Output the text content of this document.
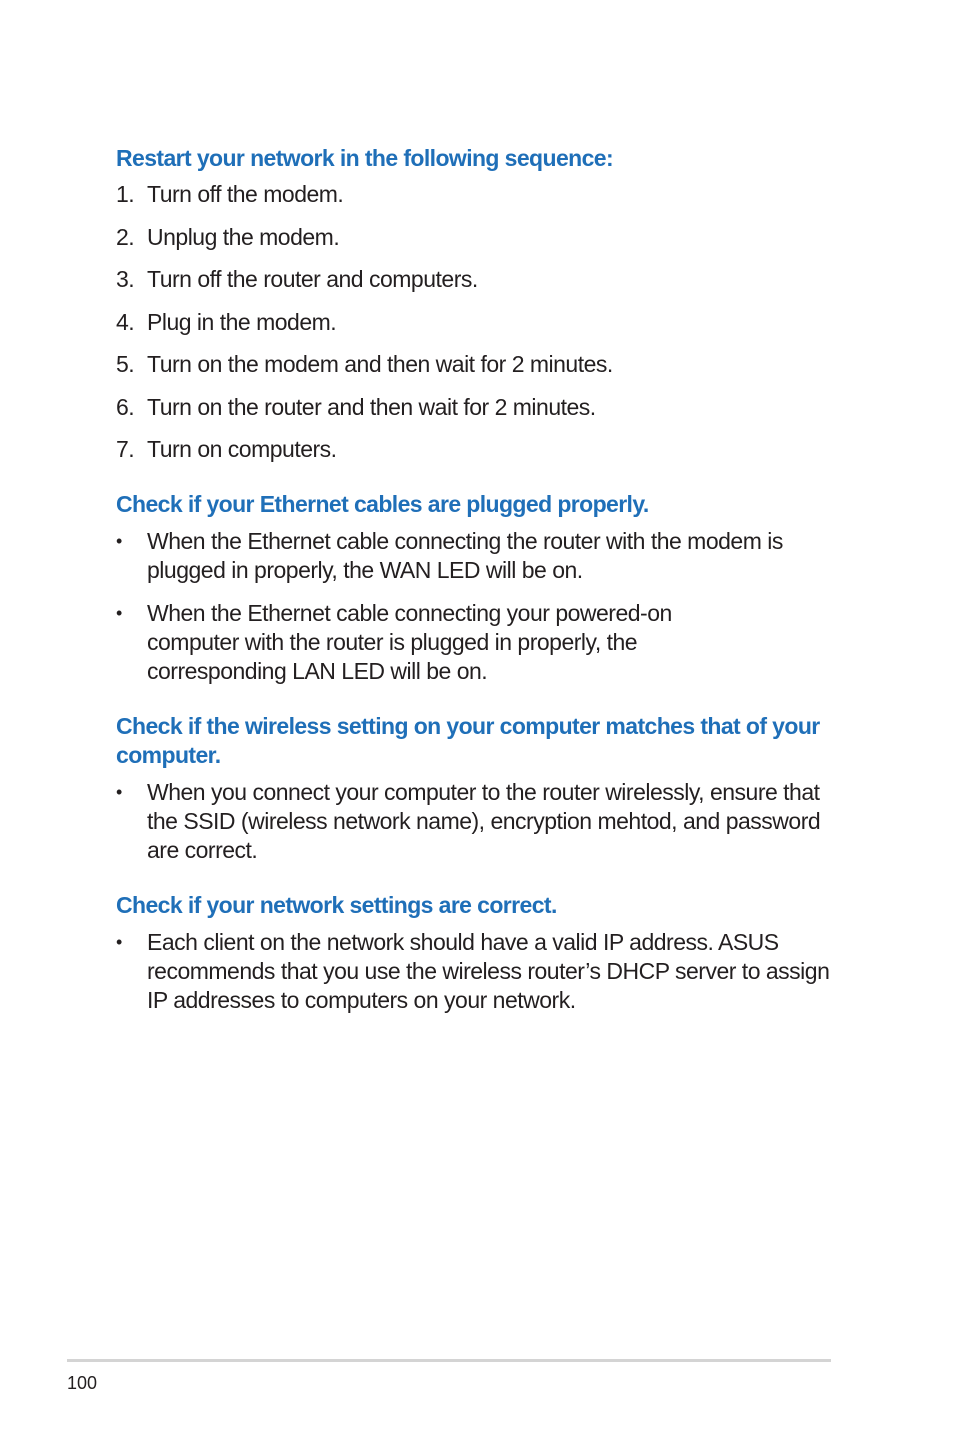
Restart your network in the following sequence:
1. Turn off the modem.
2. Unplug the modem.
3. Turn off the router and computers.
4. Plug in the modem.
5. Turn on the modem and then wait for 2 minutes.
6. Turn on the router and then wait for 2 minutes.
7. Turn on computers.
Check if your Ethernet cables are plugged properly.
• When the Ethernet cable connecting the router with the modem is plugged in properly, the WAN LED will be on.
• When the Ethernet cable connecting your powered-on computer with the router is plugged in properly, the corresponding LAN LED will be on.
Check if the wireless setting on your computer matches that of your computer.
• When you connect your computer to the router wirelessly, ensure that the SSID (wireless network name), encryption mehtod, and password are correct.
Check if your network settings are correct.
• Each client on the network should have a valid IP address. ASUS recommends that you use the wireless router’s DHCP server to assign IP addresses to computers on your network.
100
